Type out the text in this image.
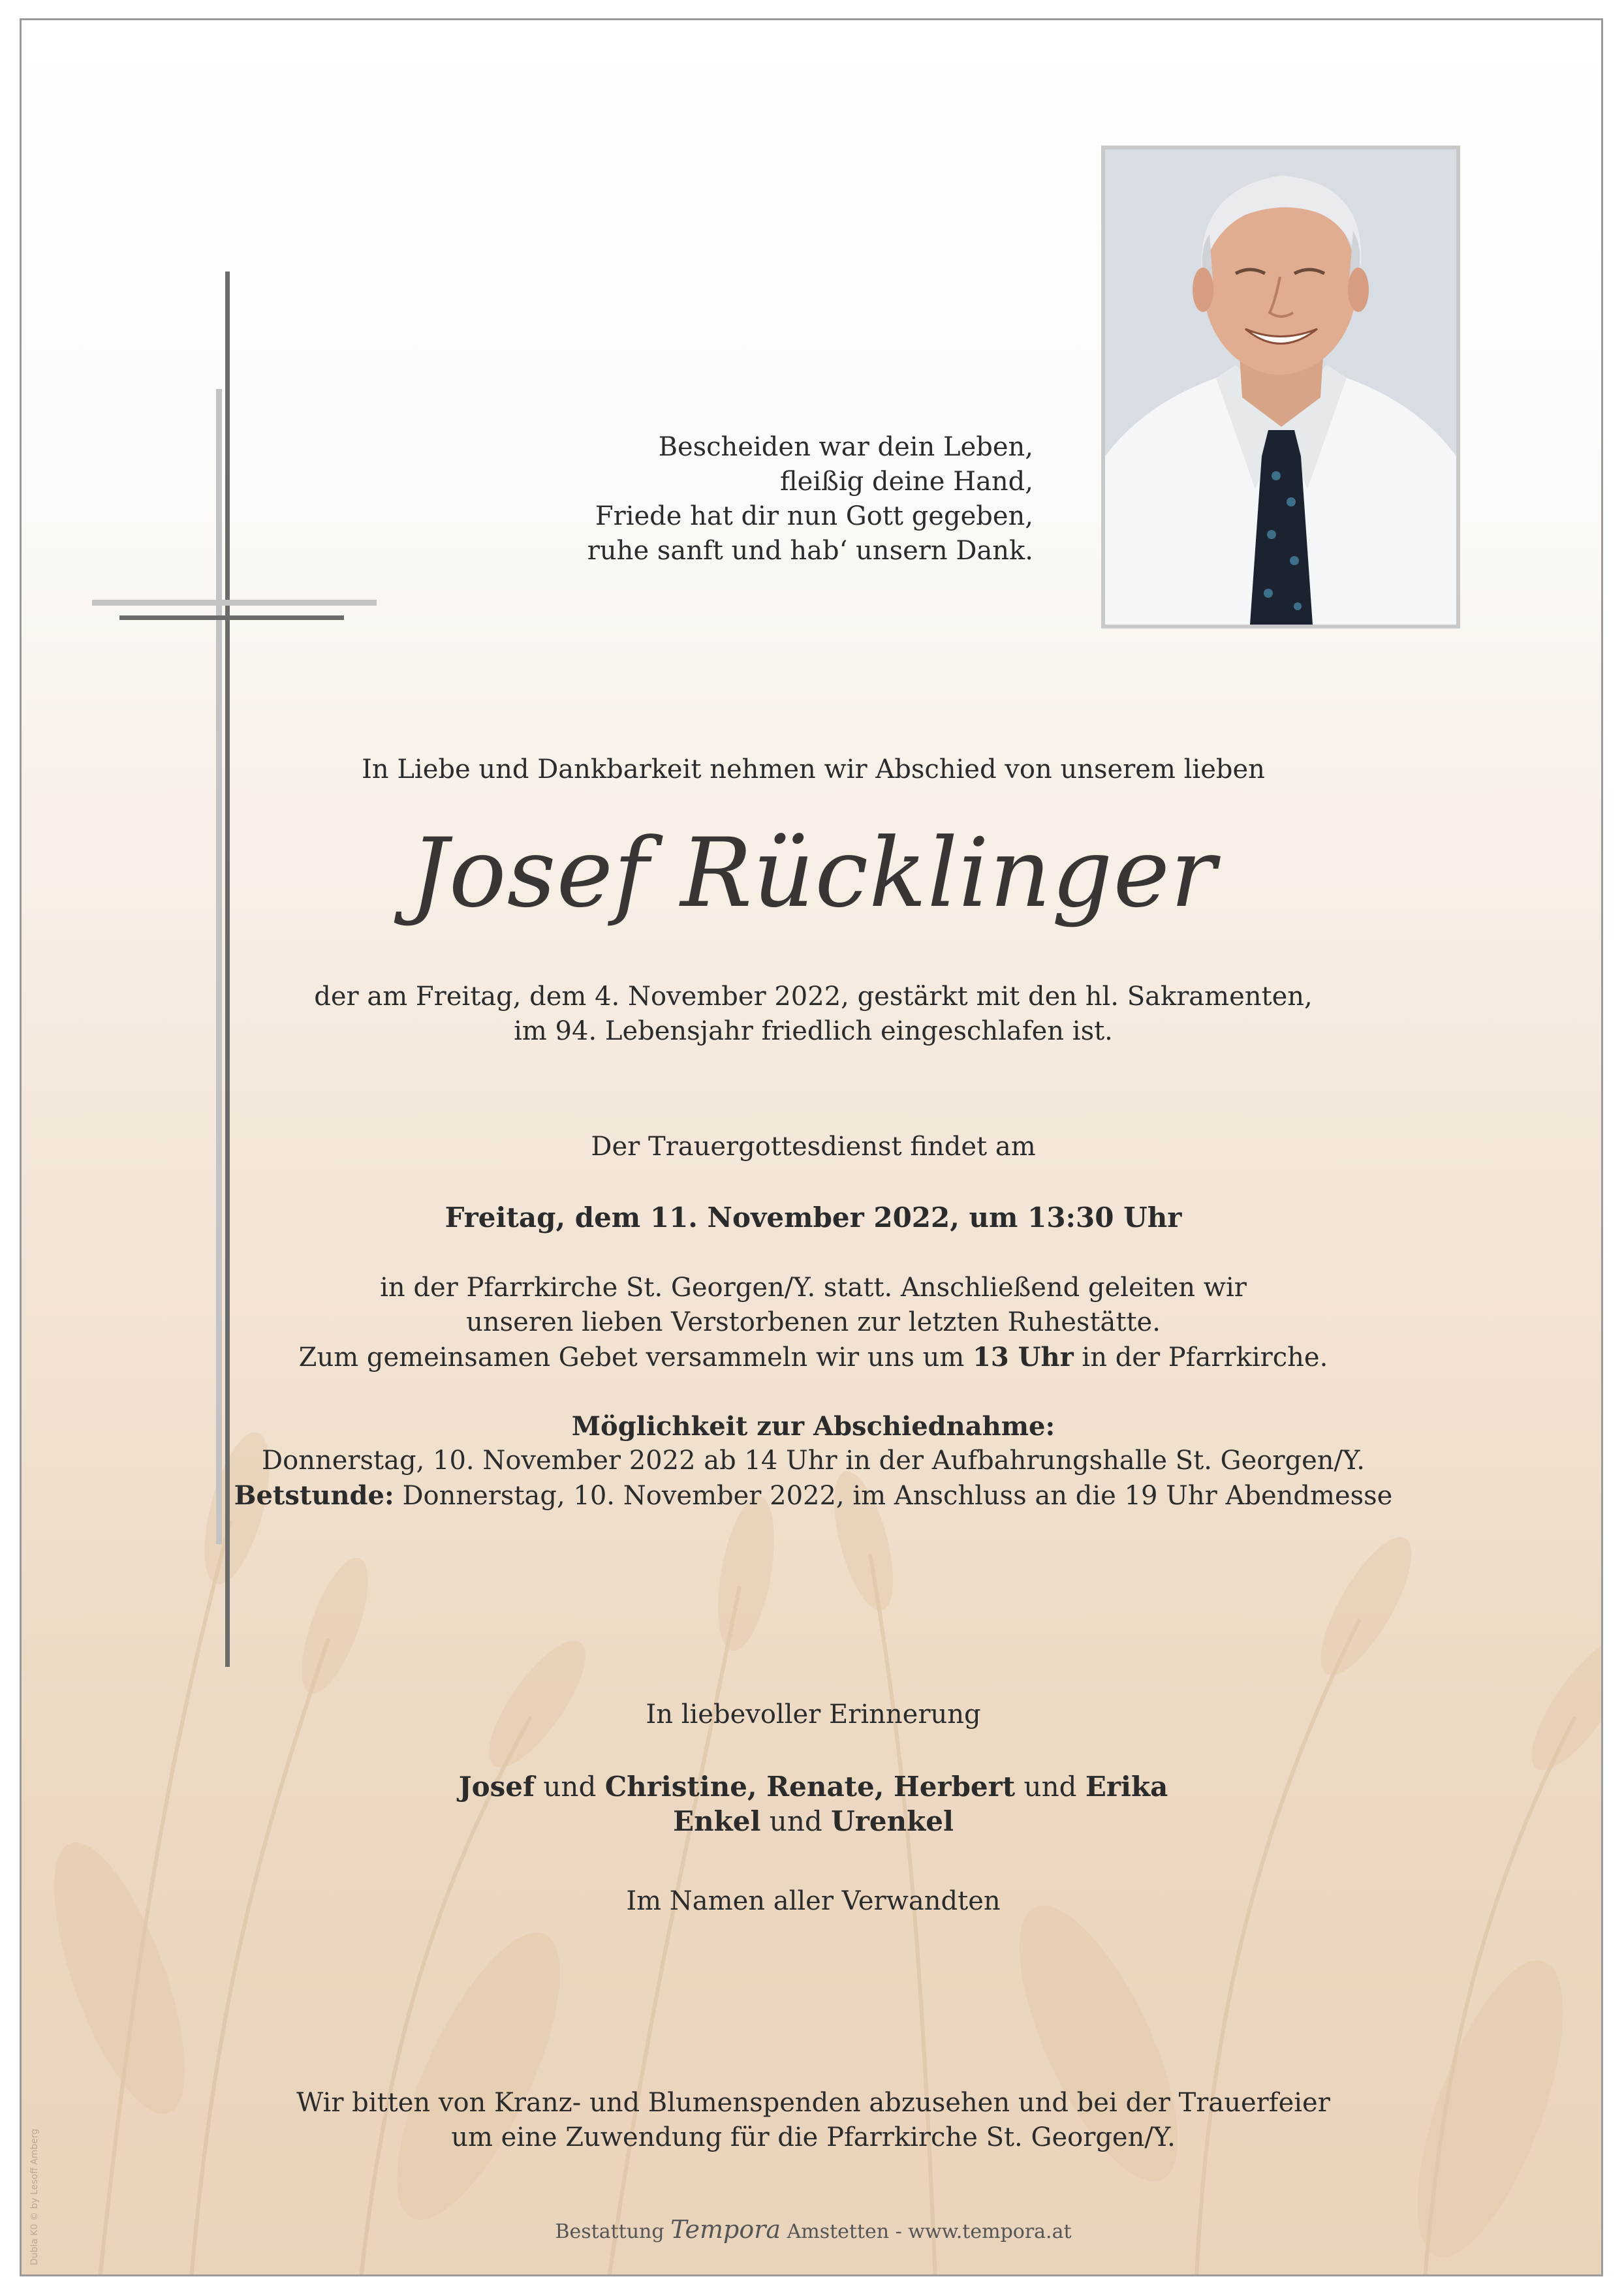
Bescheiden war dein Leben,
fleißig deine Hand,
Friede hat dir nun Gott gegeben,
ruhe sanft und hab‘ unsern Dank.
In Liebe und Dankbarkeit nehmen wir Abschied von unserem lieben
Josef Rücklinger
der am Freitag, dem 4. November 2022, gestärkt mit den hl. Sakramenten,
im 94. Lebensjahr friedlich eingeschlafen ist.
Der Trauergottesdienst findet am
Freitag, dem 11. November 2022, um 13:30 Uhr
in der Pfarrkirche St. Georgen/Y. statt. Anschließend geleiten wir
unseren lieben Verstorbenen zur letzten Ruhestätte.
Zum gemeinsamen Gebet versammeln wir uns um 13 Uhr in der Pfarrkirche.
Möglichkeit zur Abschiednahme:
Donnerstag, 10. November 2022 ab 14 Uhr in der Aufbahrungshalle St. Georgen/Y.
Betstunde: Donnerstag, 10. November 2022, im Anschluss an die 19 Uhr Abendmesse
In liebevoller Erinnerung
Josef und Christine, Renate, Herbert und Erika
Enkel und Urenkel
Im Namen aller Verwandten
Wir bitten von Kranz- und Blumenspenden abzusehen und bei der Trauerfeier
um eine Zuwendung für die Pfarrkirche St. Georgen/Y.
Bestattung Tempora Amstetten - www.tempora.at
Dubla K0 © by Lesoff Amberg
